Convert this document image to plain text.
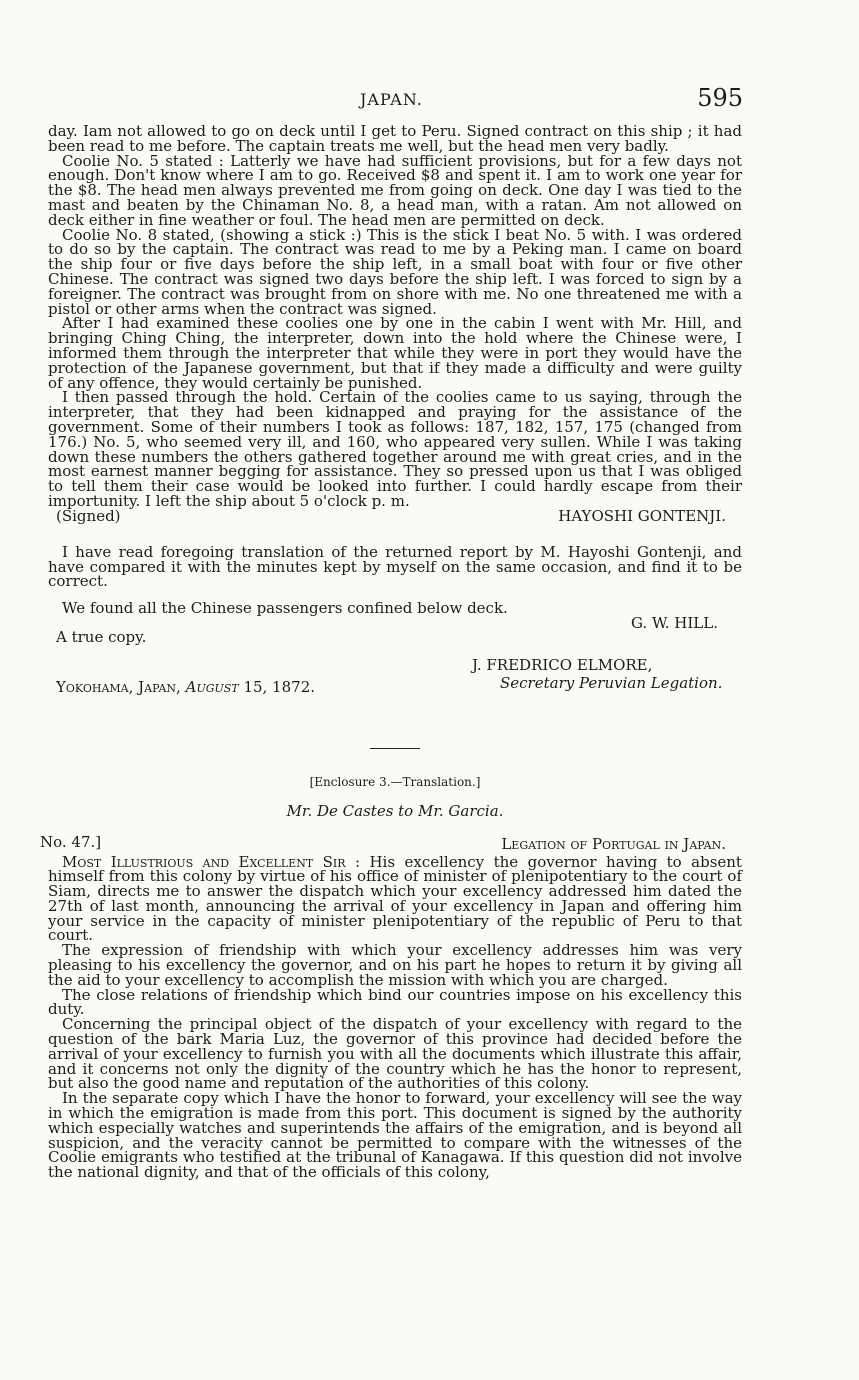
JAPAN.	595

day. Iam not allowed to go on deck until I get to Peru. Signed contract on this ship ; it had been read to me before. The captain treats me well, but the head men very badly.

Coolie No. 5 stated : Latterly we have had sufficient provisions, but for a few days not enough. Don't know where I am to go. Received $8 and spent it. I am to work one year for the $8. The head men always prevented me from going on deck. One day I was tied to the mast and beaten by the Chinaman No. 8, a head man, with a ratan. Am not allowed on deck either in fine weather or foul. The head men are permitted on deck.

Coolie No. 8 stated, (showing a stick :) This is the stick I beat No. 5 with. I was ordered to do so by the captain. The contract was read to me by a Peking man. I came on board the ship four or five days before the ship left, in a small boat with four or five other Chinese. The contract was signed two days before the ship left. I was forced to sign by a foreigner. The contract was brought from on shore with me. No one threatened me with a pistol or other arms when the contract was signed.

After I had examined these coolies one by one in the cabin I went with Mr. Hill, and bringing Ching Ching, the interpreter, down into the hold where the Chinese were, I informed them through the interpreter that while they were in port they would have the protection of the Japanese government, but that if they made a difficulty and were guilty of any offence, they would certainly be punished.

I then passed through the hold. Certain of the coolies came to us saying, through the interpreter, that they had been kidnapped and praying for the assistance of the government. Some of their numbers I took as follows: 187, 182, 157, 175 (changed from 176.) No. 5, who seemed very ill, and 160, who appeared very sullen. While I was taking down these numbers the others gathered together around me with great cries, and in the most earnest manner begging for assistance. They so pressed upon us that I was obliged to tell them their case would be looked into further. I could hardly escape from their importunity. I left the ship about 5 o'clock p. m.

(Signed)	HAYOSHI GONTENJI.

I have read foregoing translation of the returned report by M. Hayoshi Gontenji, and have compared it with the minutes kept by myself on the same occasion, and find it to be correct.

We found all the Chinese passengers confined below deck.

A true copy.
G. W. HILL.
J. FREDRICO ELMORE,
Secretary Peruvian Legation.
Yokohama, Japan, August 15, 1872.
[Enclosure 3.—Translation.]
Mr. De Castes to Mr. Garcia.
No. 47.]	Legation of Portugal in Japan.

Most Illustrious and Excellent Sir : His excellency the governor having to absent himself from this colony by virtue of his office of minister of plenipotentiary to the court of Siam, directs me to answer the dispatch which your excellency addressed him dated the 27th of last month, announcing the arrival of your excellency in Japan and offering him your service in the capacity of minister plenipotentiary of the republic of Peru to that court.

The expression of friendship with which your excellency addresses him was very pleasing to his excellency the governor, and on his part he hopes to return it by giving all the aid to your excellency to accomplish the mission with which you are charged.

The close relations of friendship which bind our countries impose on his excellency this duty.

Concerning the principal object of the dispatch of your excellency with regard to the question of the bark Maria Luz, the governor of this province had decided before the arrival of your excellency to furnish you with all the documents which illustrate this affair, and it concerns not only the dignity of the country which he has the honor to represent, but also the good name and reputation of the authorities of this colony.

In the separate copy which I have the honor to forward, your excellency will see the way in which the emigration is made from this port. This document is signed by the authority which especially watches and superintends the affairs of the emigration, and is beyond all suspicion, and the veracity cannot be permitted to compare with the witnesses of the Coolie emigrants who testified at the tribunal of Kanagawa. If this question did not involve the national dignity, and that of the officials of this colony,
